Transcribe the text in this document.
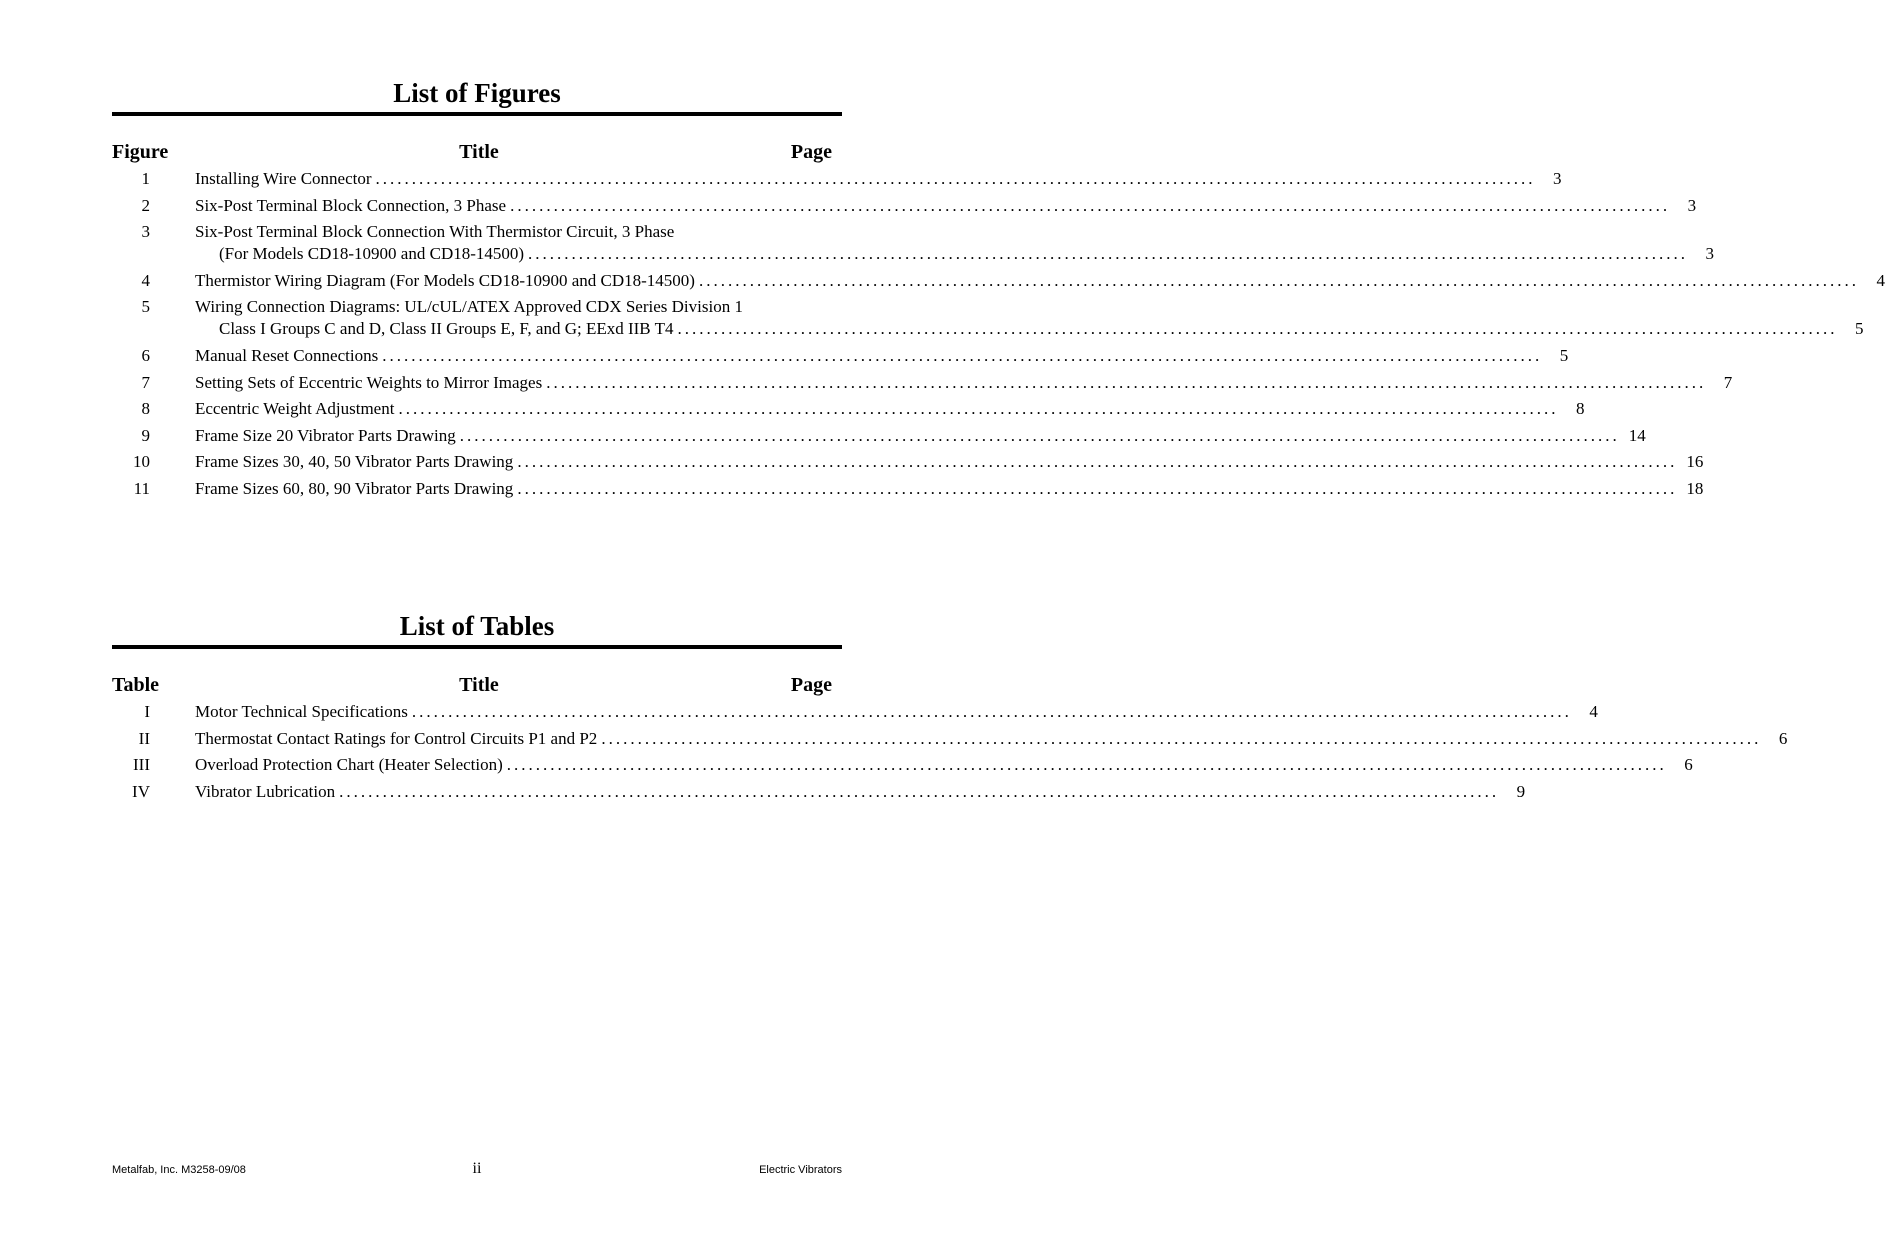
List of Figures
Figure	Title	Page
1	Installing Wire Connector ................................................................................................................................................................	3
2	Six-Post Terminal Block Connection, 3 Phase ................................................................................................................................................................	3
3	Six-Post Terminal Block Connection With Thermistor Circuit, 3 Phase
(For Models CD18-10900 and CD18-14500) ................................................................................................................................................................	3
4	Thermistor Wiring Diagram (For Models CD18-10900 and CD18-14500) ................................................................................................................................................................	4
5	Wiring Connection Diagrams: UL/cUL/ATEX Approved CDX Series Division 1
Class I Groups C and D, Class II Groups E, F, and G; EExd IIB T4 ................................................................................................................................................................	5
6	Manual Reset Connections ................................................................................................................................................................	5
7	Setting Sets of Eccentric Weights to Mirror Images ................................................................................................................................................................	7
8	Eccentric Weight Adjustment ................................................................................................................................................................	8
9	Frame Size 20 Vibrator Parts Drawing ................................................................................................................................................................ 14
10	Frame Sizes 30, 40, 50 Vibrator Parts Drawing ................................................................................................................................................................ 16
11	Frame Sizes 60, 80, 90 Vibrator Parts Drawing ................................................................................................................................................................ 18
List of Tables
Table	Title	Page
I	Motor Technical Specifications ................................................................................................................................................................	4
II	Thermostat Contact Ratings for Control Circuits P1 and P2 ................................................................................................................................................................	6
III	Overload Protection Chart (Heater Selection) ................................................................................................................................................................	6
IV	Vibrator Lubrication ................................................................................................................................................................	9
Metalfab, Inc. M3258-09/08	ii	Electric Vibrators
